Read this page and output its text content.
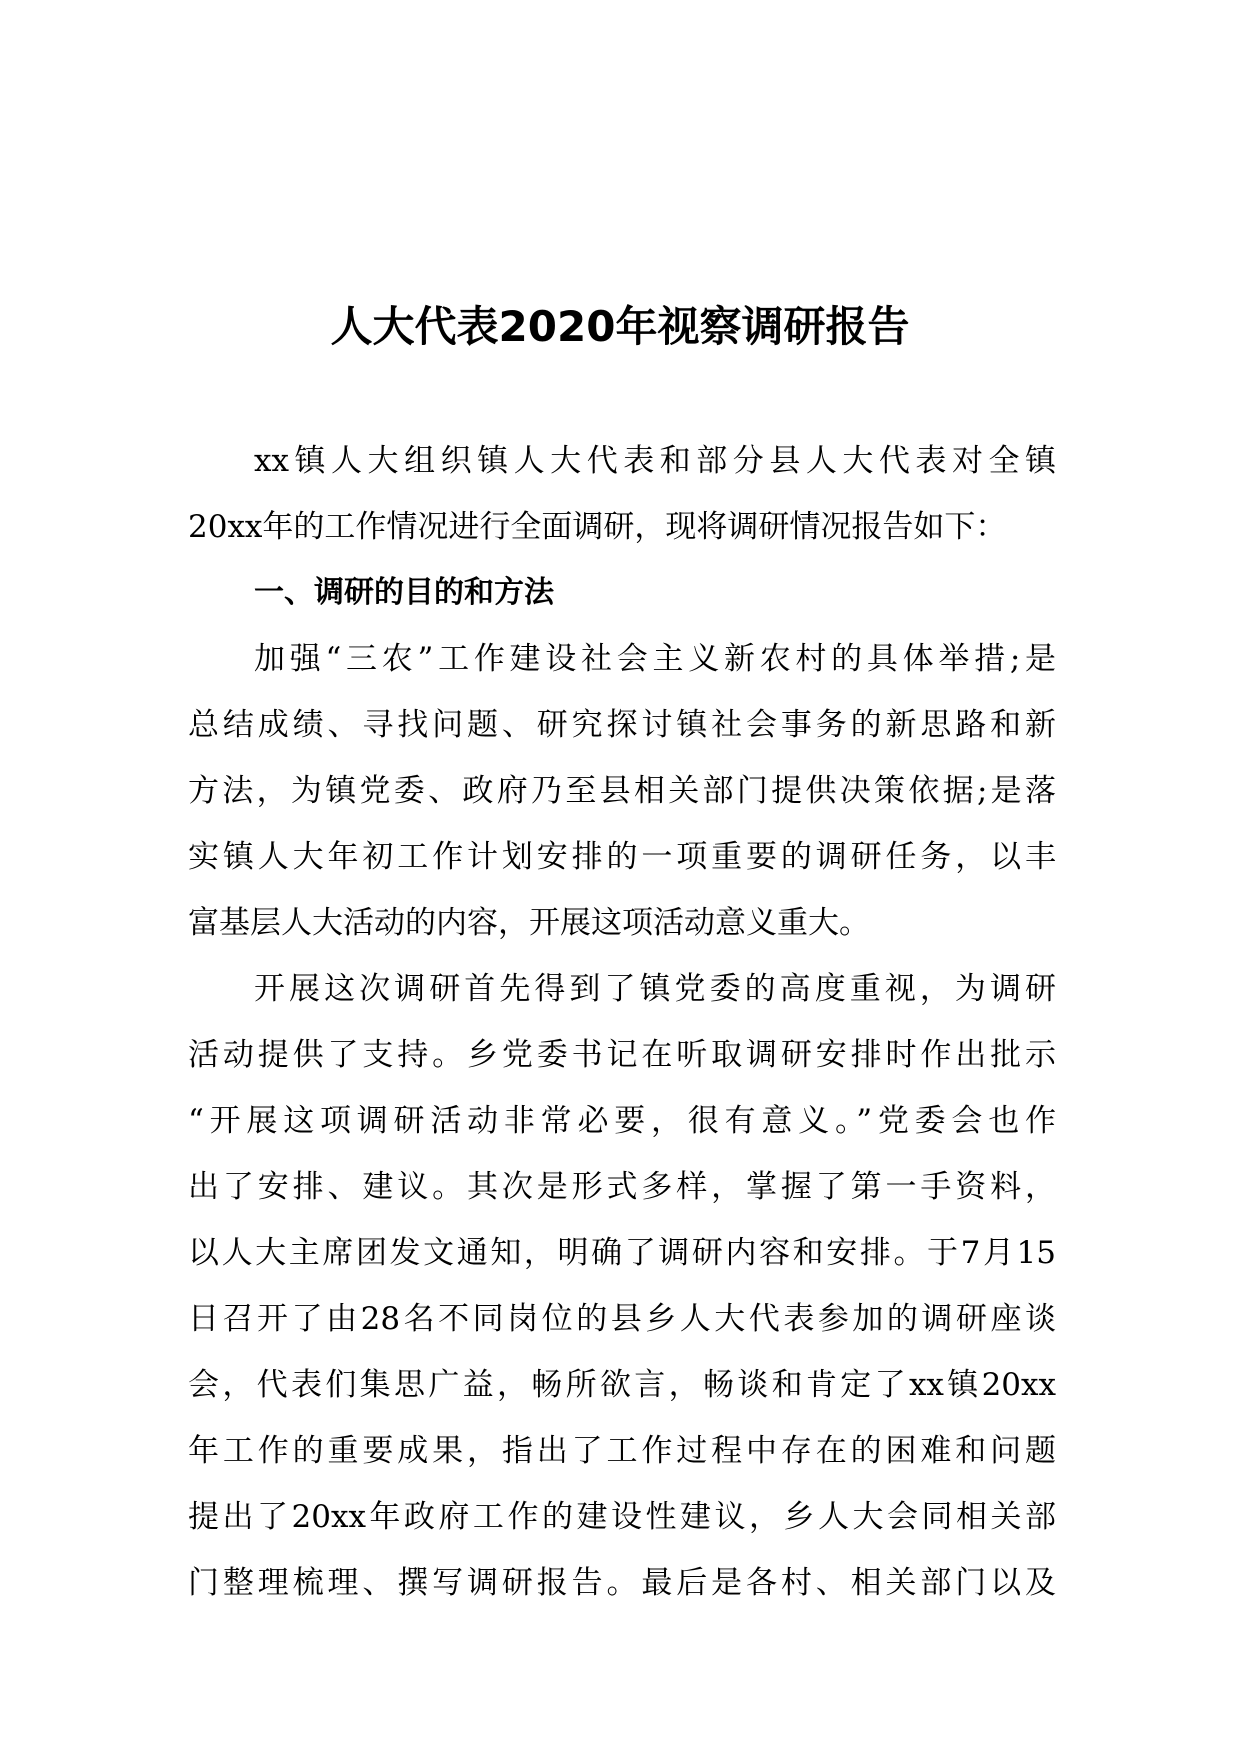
人大代表2020年视察调研报告
xx镇人大组织镇人大代表和部分县人大代表对全镇
20xx年的工作情况进行全面调研，现将调研情况报告如下：
一、调研的目的和方法
加强“三农”工作建设社会主义新农村的具体举措;是
总结成绩、寻找问题、研究探讨镇社会事务的新思路和新
方法，为镇党委、政府乃至县相关部门提供决策依据;是落
实镇人大年初工作计划安排的一项重要的调研任务，以丰
富基层人大活动的内容，开展这项活动意义重大。
开展这次调研首先得到了镇党委的高度重视，为调研
活动提供了支持。乡党委书记在听取调研安排时作出批示
“开展这项调研活动非常必要，很有意义。”党委会也作
出了安排、建议。其次是形式多样，掌握了第一手资料，
以人大主席团发文通知，明确了调研内容和安排。于7月15
日召开了由28名不同岗位的县乡人大代表参加的调研座谈
会，代表们集思广益，畅所欲言，畅谈和肯定了xx镇20xx
年工作的重要成果，指出了工作过程中存在的困难和问题
提出了20xx年政府工作的建设性建议，乡人大会同相关部
门整理梳理、撰写调研报告。最后是各村、相关部门以及
